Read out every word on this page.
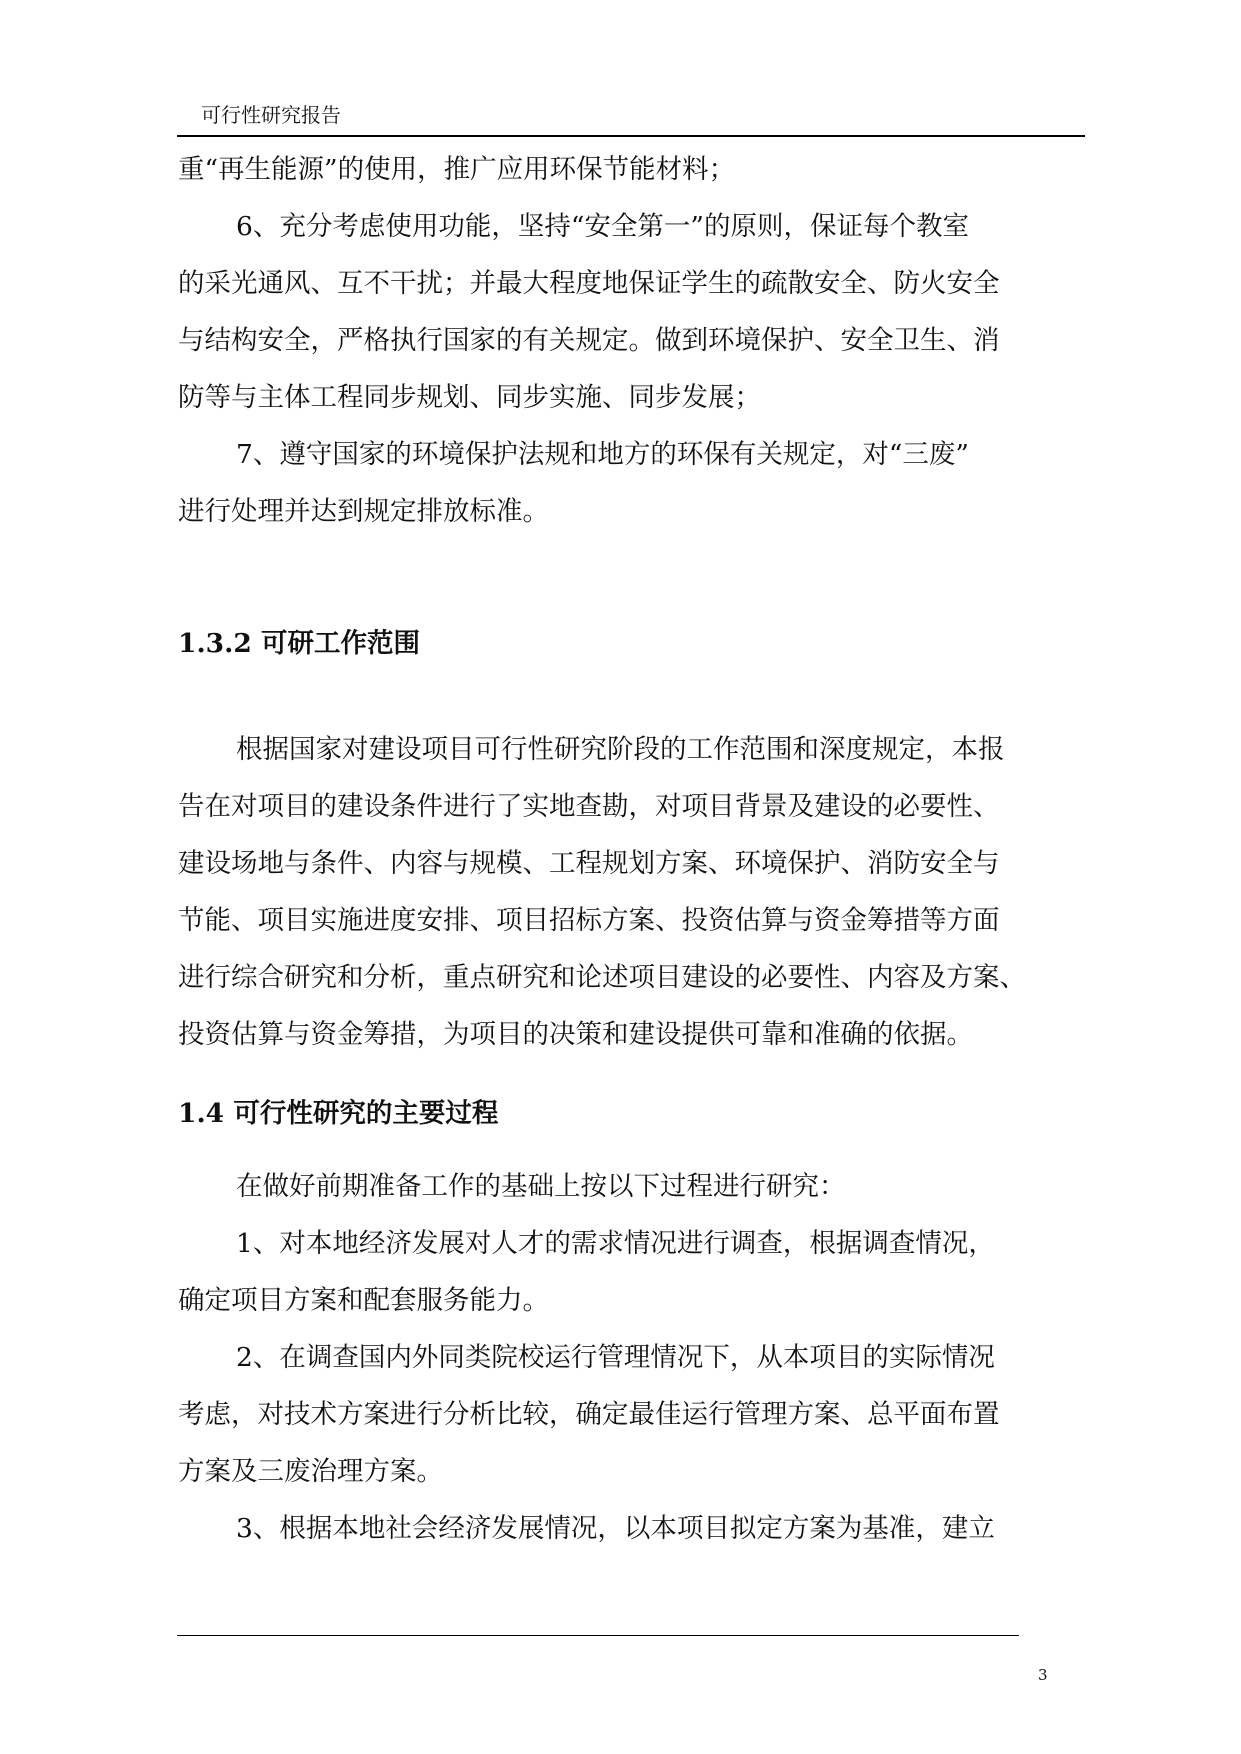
可行性研究报告
重“再生能源”的使用，推广应用环保节能材料；
6、充分考虑使用功能，坚持“安全第一”的原则，保证每个教室
的采光通风、互不干扰；并最大程度地保证学生的疏散安全、防火安全
与结构安全，严格执行国家的有关规定。做到环境保护、安全卫生、消
防等与主体工程同步规划、同步实施、同步发展；
7、遵守国家的环境保护法规和地方的环保有关规定，对“三废”
进行处理并达到规定排放标准。
1.3.2 可研工作范围
根据国家对建设项目可行性研究阶段的工作范围和深度规定，本报
告在对项目的建设条件进行了实地查勘，对项目背景及建设的必要性、
建设场地与条件、内容与规模、工程规划方案、环境保护、消防安全与
节能、项目实施进度安排、项目招标方案、投资估算与资金筹措等方面
进行综合研究和分析，重点研究和论述项目建设的必要性、内容及方案、
投资估算与资金筹措，为项目的决策和建设提供可靠和准确的依据。
1.4 可行性研究的主要过程
在做好前期准备工作的基础上按以下过程进行研究：
1、对本地经济发展对人才的需求情况进行调查，根据调查情况，
确定项目方案和配套服务能力。
2、在调查国内外同类院校运行管理情况下，从本项目的实际情况
考虑，对技术方案进行分析比较，确定最佳运行管理方案、总平面布置
方案及三废治理方案。
3、根据本地社会经济发展情况，以本项目拟定方案为基准，建立
3
